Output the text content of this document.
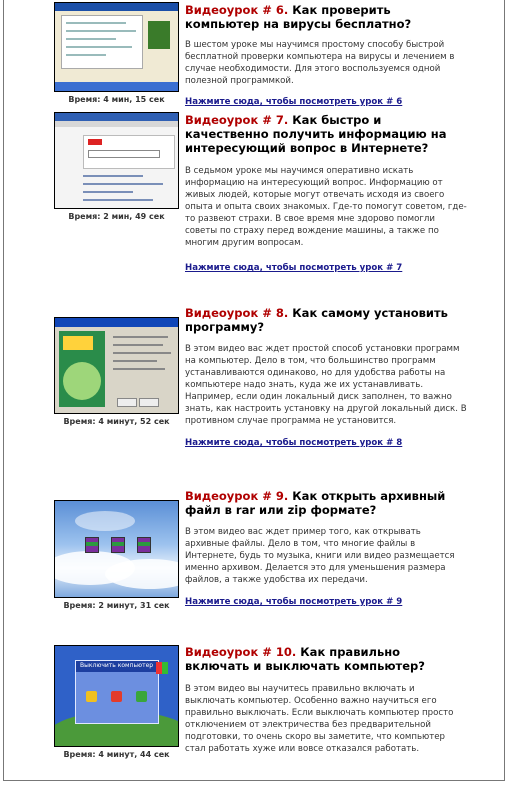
Время: 4 мин, 15 сек

Видеоурок # 6. Как проверить компьютер на вирусы бесплатно?

В шестом уроке мы научимся простому способу быстрой бесплатной проверки компьютера на вирусы и лечением в случае необходимости. Для этого воспользуемся одной полезной программкой.

Нажмите сюда, чтобы посмотреть урок # 6
Время: 2 мин, 49 сек

Видеоурок # 7. Как быстро и качественно получить информацию на интересующий вопрос в Интернете?

В седьмом уроке мы научимся оперативно искать информацию на интересующий вопрос. Информацию от живых людей, которые могут отвечать исходя из своего опыта и опыта своих знакомых. Где-то помогут советом, где-то развеют страхи. В свое время мне здорово помогли советы по страху перед вождение машины, а также по многим другим вопросам.

Нажмите сюда, чтобы посмотреть урок # 7
Время: 4 минут, 52 сек

Видеоурок # 8. Как самому установить программу?

В этом видео вас ждет простой способ установки программ на компьютер. Дело в том, что большинство программ устанавливаются одинаково, но для удобства работы на компьютере надо знать, куда же их устанавливать. Например, если один локальный диск заполнен, то важно знать, как настроить установку на другой локальный диск. В противном случае программа не установится.

Нажмите сюда, чтобы посмотреть урок # 8
Время: 2 минут, 31 сек

Видеоурок # 9. Как открыть архивный файл в rar или zip формате?

В этом видео вас ждет пример того, как открывать архивные файлы. Дело в том, что многие файлы в Интернете, будь то музыка, книги или видео размещается именно архивом. Делается это для уменьшения размера файлов, а также удобства их передачи.

Нажмите сюда, чтобы посмотреть урок # 9
Выключить компьютер
Время: 4 минут, 44 сек

Видеоурок # 10. Как правильно включать и выключать компьютер?

В этом видео вы научитесь правильно включать и выключать компьютер. Особенно важно научиться его правильно выключать. Если выключать компьютер просто отключением от электричества без предварительной подготовки, то очень скоро вы заметите, что компьютер стал работать хуже или вовсе отказался работать.
